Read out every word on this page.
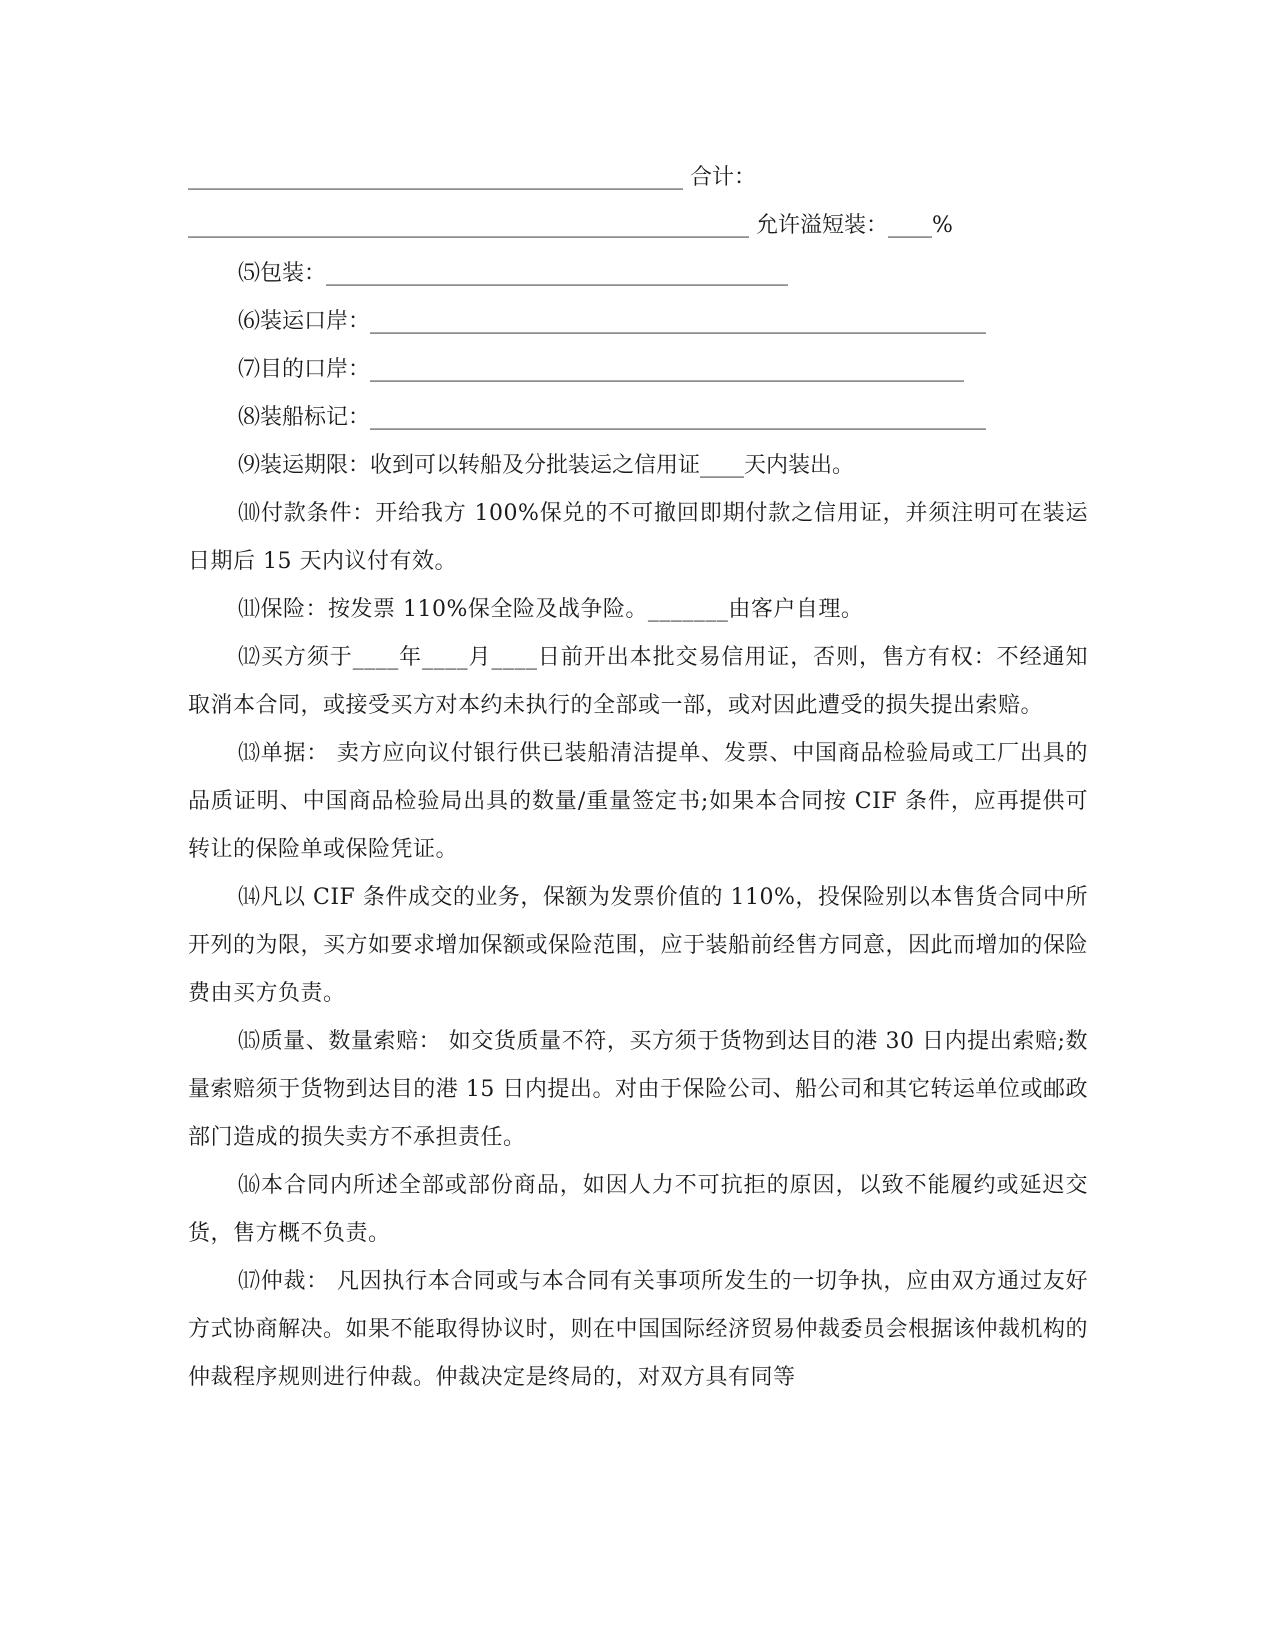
_____________________________________________ 合计：
___________________________________________________ 允许溢短装：____%
⑸包装：__________________________________________
⑹装运口岸：________________________________________________________
⑺目的口岸：______________________________________________________
⑻装船标记：________________________________________________________
⑼装运期限：收到可以转船及分批装运之信用证____天内装出。

⑽付款条件：开给我方 100%保兑的不可撤回即期付款之信用证，并须注明可在装运日期后 15 天内议付有效。

⑾保险：按发票 110%保全险及战争险。_______由客户自理。

⑿买方须于____年____月____日前开出本批交易信用证，否则，售方有权：不经通知取消本合同，或接受买方对本约未执行的全部或一部，或对因此遭受的损失提出索赔。

⒀单据： 卖方应向议付银行供已装船清洁提单、发票、中国商品检验局或工厂出具的品质证明、中国商品检验局出具的数量/重量签定书;如果本合同按 CIF 条件，应再提供可转让的保险单或保险凭证。

⒁凡以 CIF 条件成交的业务，保额为发票价值的 110%，投保险别以本售货合同中所开列的为限，买方如要求增加保额或保险范围，应于装船前经售方同意，因此而增加的保险费由买方负责。

⒂质量、数量索赔： 如交货质量不符，买方须于货物到达目的港 30 日内提出索赔;数量索赔须于货物到达目的港 15 日内提出。对由于保险公司、船公司和其它转运单位或邮政部门造成的损失卖方不承担责任。

⒃本合同内所述全部或部份商品，如因人力不可抗拒的原因，以致不能履约或延迟交货，售方概不负责。

⒄仲裁： 凡因执行本合同或与本合同有关事项所发生的一切争执，应由双方通过友好方式协商解决。如果不能取得协议时，则在中国国际经济贸易仲裁委员会根据该仲裁机构的仲裁程序规则进行仲裁。仲裁决定是终局的，对双方具有同等
